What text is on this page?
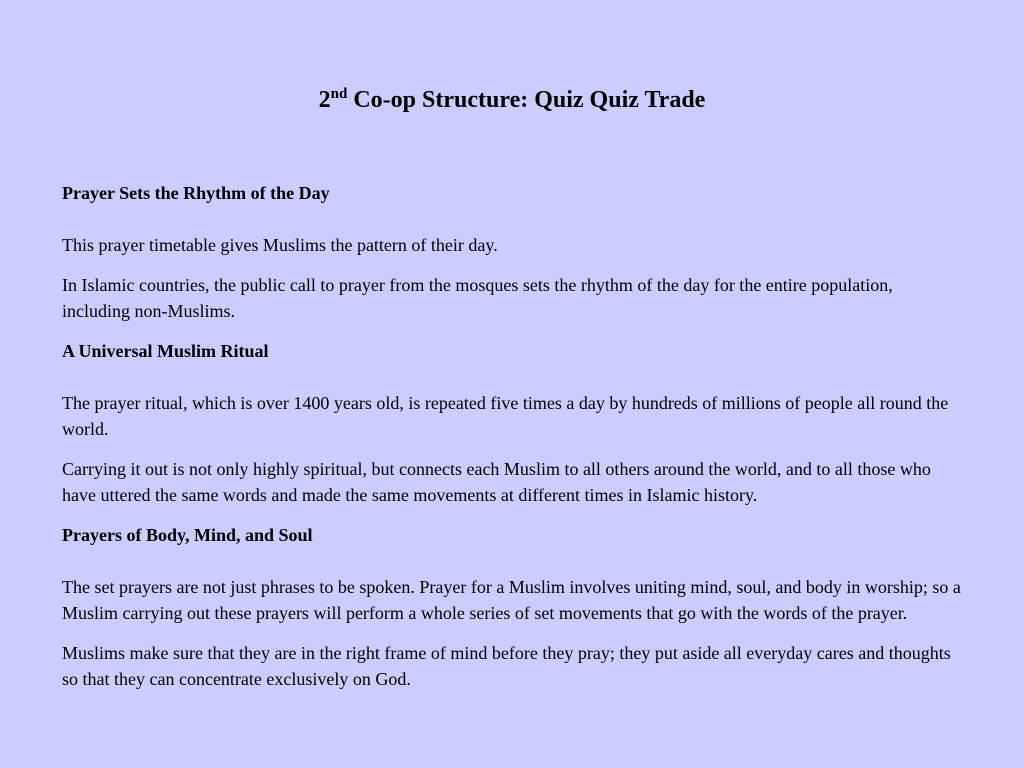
2nd Co-op Structure: Quiz Quiz Trade

Prayer Sets the Rhythm of the Day

This prayer timetable gives Muslims the pattern of their day.

In Islamic countries, the public call to prayer from the mosques sets the rhythm of the day for the entire population, including non-Muslims.

A Universal Muslim Ritual

The prayer ritual, which is over 1400 years old, is repeated five times a day by hundreds of millions of people all round the world.

Carrying it out is not only highly spiritual, but connects each Muslim to all others around the world, and to all those who have uttered the same words and made the same movements at different times in Islamic history.

Prayers of Body, Mind, and Soul

The set prayers are not just phrases to be spoken. Prayer for a Muslim involves uniting mind, soul, and body in worship; so a Muslim carrying out these prayers will perform a whole series of set movements that go with the words of the prayer.

Muslims make sure that they are in the right frame of mind before they pray; they put aside all everyday cares and thoughts so that they can concentrate exclusively on God.
